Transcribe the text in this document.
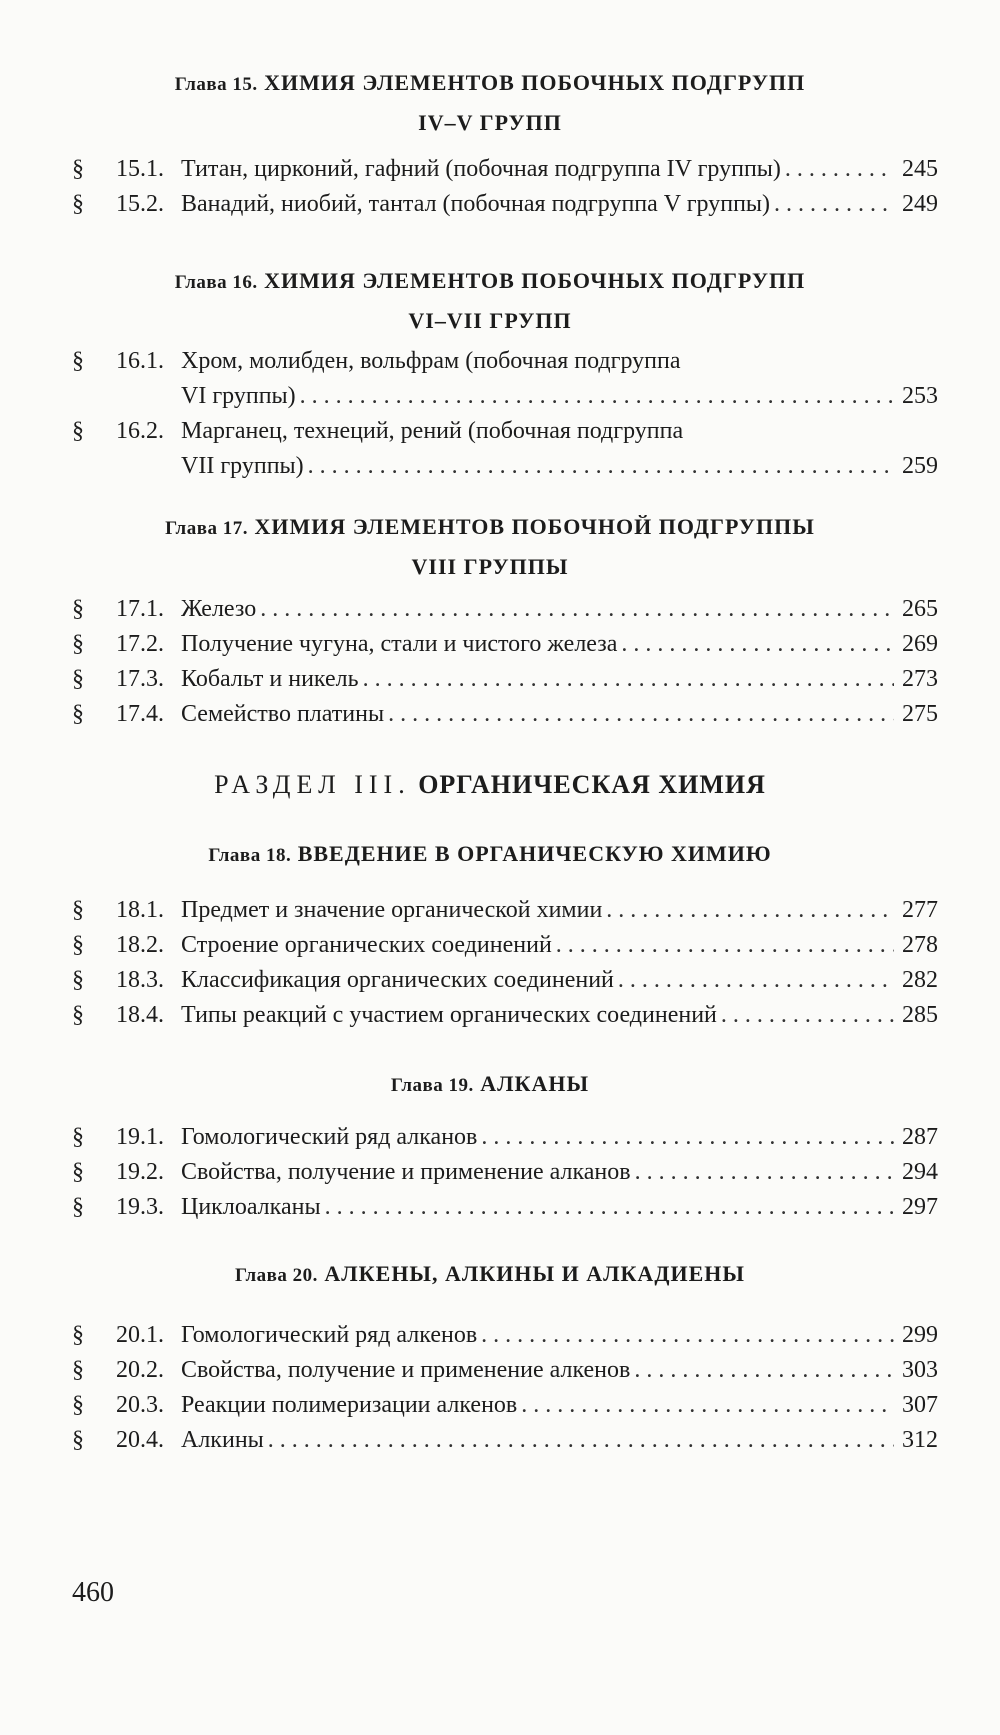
Глава 15. ХИМИЯ ЭЛЕМЕНТОВ ПОБОЧНЫХ ПОДГРУПП
IV–V ГРУПП
§	15.1. Титан, цирконий, гафний (побочная подгруппа IV группы) . . .	245
§	15.2. Ванадий, ниобий, тантал (побочная подгруппа V группы) . . .	249
Глава 16. ХИМИЯ ЭЛЕМЕНТОВ ПОБОЧНЫХ ПОДГРУПП
VI–VII ГРУПП
§	16.1. Хром, молибден, вольфрам (побочная подгруппа
VI группы) . . .	253
§	16.2. Марганец, технеций, рений (побочная подгруппа
VII группы) . . .	259
Глава 17. ХИМИЯ ЭЛЕМЕНТОВ ПОБОЧНОЙ ПОДГРУППЫ
VIII ГРУППЫ
§	17.1. Железо . . .	265
§	17.2. Получение чугуна, стали и чистого железа . . .	269
§	17.3. Кобальт и никель . . .	273
§	17.4. Семейство платины . . .	275
РАЗДЕЛ III. ОРГАНИЧЕСКАЯ ХИМИЯ
Глава 18. ВВЕДЕНИЕ В ОРГАНИЧЕСКУЮ ХИМИЮ
§	18.1. Предмет и значение органической химии . . .	277
§	18.2. Строение органических соединений . . .	278
§	18.3. Классификация органических соединений . . .	282
§	18.4. Типы реакций с участием органических соединений . . .	285
Глава 19. АЛКАНЫ
§	19.1. Гомологический ряд алканов . . .	287
§	19.2. Свойства, получение и применение алканов . . .	294
§	19.3. Циклоалканы . . .	297
Глава 20. АЛКЕНЫ, АЛКИНЫ И АЛКАДИЕНЫ
§	20.1. Гомологический ряд алкенов . . .	299
§	20.2. Свойства, получение и применение алкенов . . .	303
§	20.3. Реакции полимеризации алкенов . . .	307
§	20.4. Алкины . . .	312
460
